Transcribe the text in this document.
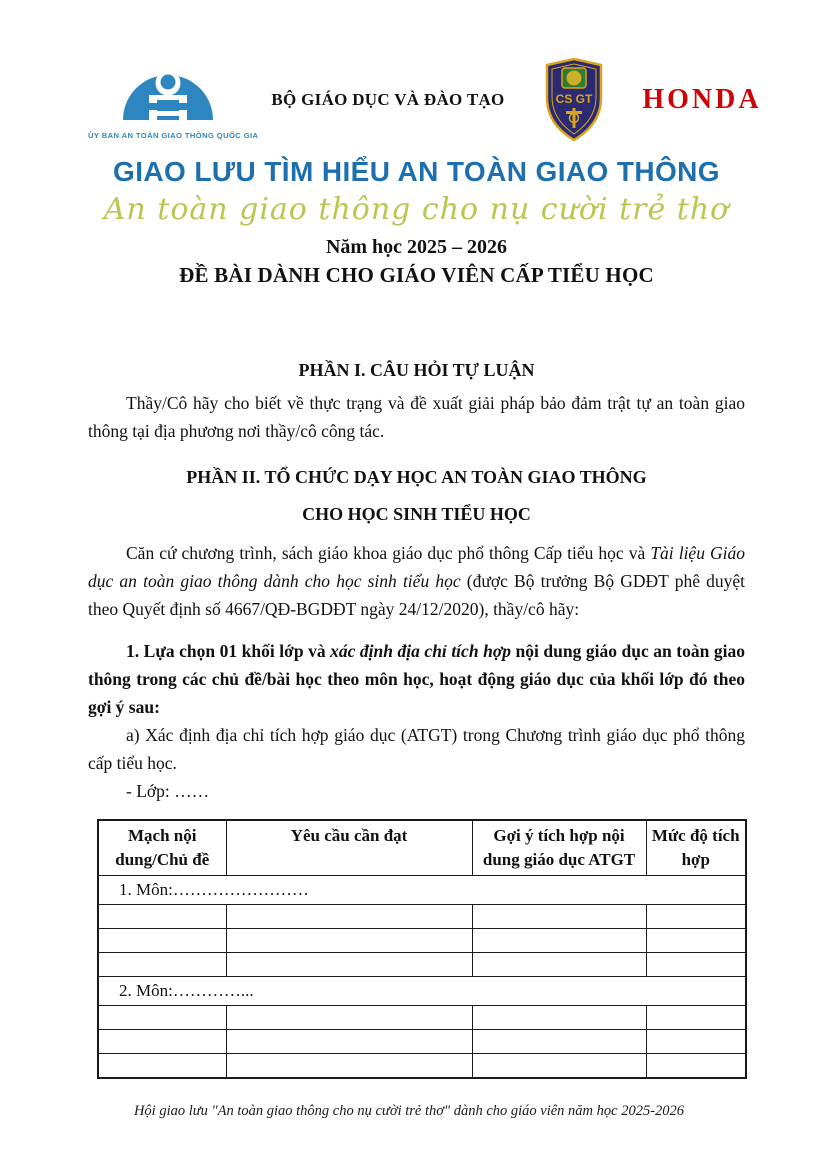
ỦY BAN AN TOÀN GIAO THÔNG QUỐC GIA
BỘ GIÁO DỤC VÀ ĐÀO TẠO	CS GT	HONDA

GIAO LƯU TÌM HIỂU AN TOÀN GIAO THÔNG

An toàn giao thông cho nụ cười trẻ thơ

Năm học 2025 – 2026

ĐỀ BÀI DÀNH CHO GIÁO VIÊN CẤP TIỂU HỌC

PHẦN I. CÂU HỎI TỰ LUẬN

Thầy/Cô hãy cho biết về thực trạng và đề xuất giải pháp bảo đảm trật tự an toàn giao thông tại địa phương nơi thầy/cô công tác.

PHẦN II. TỔ CHỨC DẠY HỌC AN TOÀN GIAO THÔNG

CHO HỌC SINH TIỂU HỌC

Căn cứ chương trình, sách giáo khoa giáo dục phổ thông Cấp tiểu học và Tài liệu Giáo dục an toàn giao thông dành cho học sinh tiểu học (được Bộ trưởng Bộ GDĐT phê duyệt theo Quyết định số 4667/QĐ-BGDĐT ngày 24/12/2020), thầy/cô hãy:

1. Lựa chọn 01 khối lớp và xác định địa chỉ tích hợp nội dung giáo dục an toàn giao thông trong các chủ đề/bài học theo môn học, hoạt động giáo dục của khối lớp đó theo gợi ý sau:

a) Xác định địa chỉ tích hợp giáo dục (ATGT) trong Chương trình giáo dục phổ thông cấp tiểu học.

- Lớp: ……

Mạch nội dung/Chủ đề	Yêu cầu cần đạt	Gợi ý tích hợp nội dung giáo dục ATGT	Mức độ tích hợp
1. Môn:……………………			

2. Môn:…………...			

Hội giao lưu "An toàn giao thông cho nụ cười trẻ thơ" dành cho giáo viên năm học 2025-2026
